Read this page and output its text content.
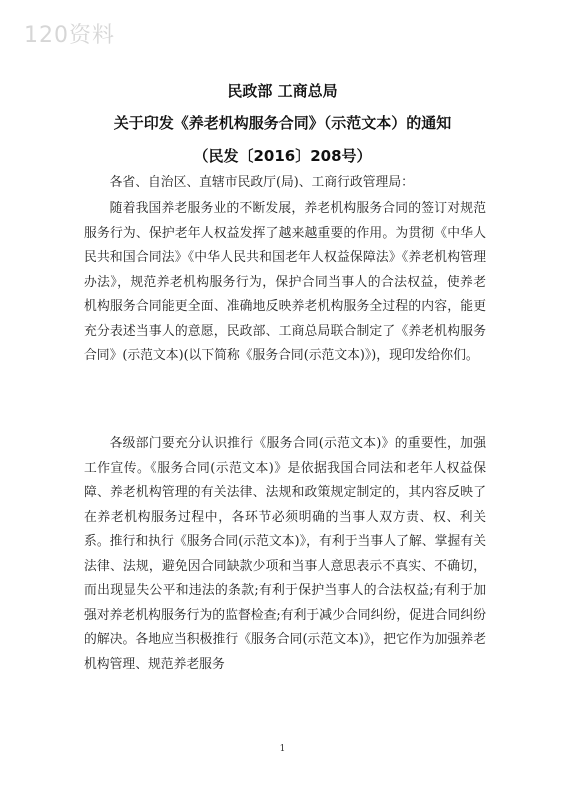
120资料
民政部 工商总局
关于印发《养老机构服务合同》（示范文本）的通知
（民发〔2016〕208号）
各省、自治区、直辖市民政厅(局)、工商行政管理局：
随着我国养老服务业的不断发展，养老机构服务合同的签订对规范服务行为、保护老年人权益发挥了越来越重要的作用。为贯彻《中华人民共和国合同法》《中华人民共和国老年人权益保障法》《养老机构管理办法》，规范养老机构服务行为，保护合同当事人的合法权益，使养老机构服务合同能更全面、准确地反映养老机构服务全过程的内容，能更充分表述当事人的意愿，民政部、工商总局联合制定了《养老机构服务合同》(示范文本)(以下简称《服务合同(示范文本)》)，现印发给你们。
各级部门要充分认识推行《服务合同(示范文本)》的重要性，加强工作宣传。《服务合同(示范文本)》是依据我国合同法和老年人权益保障、养老机构管理的有关法律、法规和政策规定制定的，其内容反映了在养老机构服务过程中，各环节必须明确的当事人双方责、权、利关系。推行和执行《服务合同(示范文本)》，有利于当事人了解、掌握有关法律、法规，避免因合同缺款少项和当事人意思表示不真实、不确切，而出现显失公平和违法的条款;有利于保护当事人的合法权益;有利于加强对养老机构服务行为的监督检查;有利于减少合同纠纷，促进合同纠纷的解决。各地应当积极推行《服务合同(示范文本)》，把它作为加强养老机构管理、规范养老服务
1
